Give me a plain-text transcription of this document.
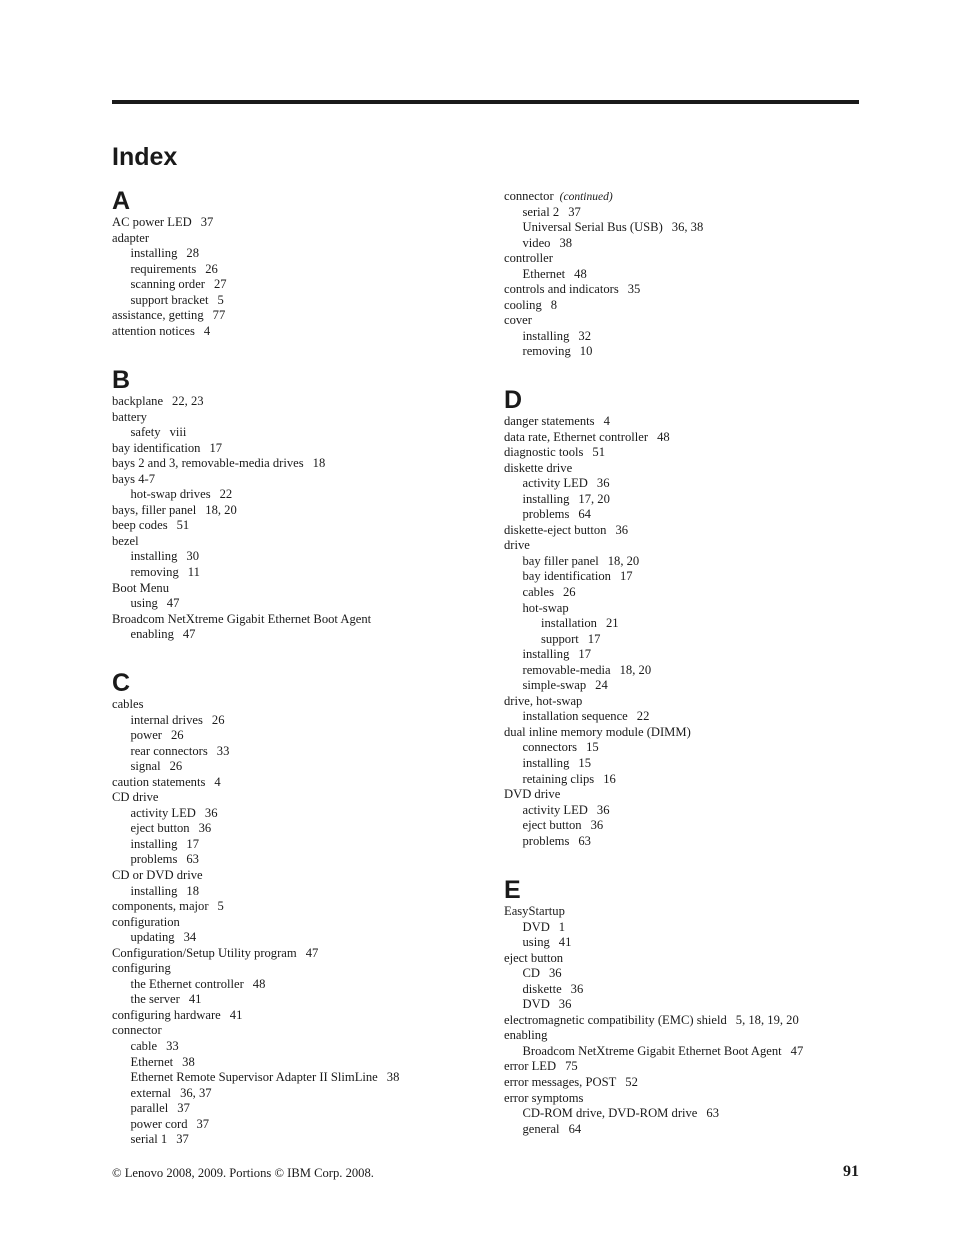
Index
A
AC power LED 37
adapter
installing 28
requirements 26
scanning order 27
support bracket 5
assistance, getting 77
attention notices 4
B
backplane 22, 23
battery
safety viii
bay identification 17
bays 2 and 3, removable-media drives 18
bays 4-7
hot-swap drives 22
bays, filler panel 18, 20
beep codes 51
bezel
installing 30
removing 11
Boot Menu
using 47
Broadcom NetXtreme Gigabit Ethernet Boot Agent
enabling 47
C
cables
internal drives 26
power 26
rear connectors 33
signal 26
caution statements 4
CD drive
activity LED 36
eject button 36
installing 17
problems 63
CD or DVD drive
installing 18
components, major 5
configuration
updating 34
Configuration/Setup Utility program 47
configuring
the Ethernet controller 48
the server 41
configuring hardware 41
connector
cable 33
Ethernet 38
Ethernet Remote Supervisor Adapter II SlimLine 38
external 36, 37
parallel 37
power cord 37
serial 1 37
connector (continued)
serial 2 37
Universal Serial Bus (USB) 36, 38
video 38
controller
Ethernet 48
controls and indicators 35
cooling 8
cover
installing 32
removing 10
D
danger statements 4
data rate, Ethernet controller 48
diagnostic tools 51
diskette drive
activity LED 36
installing 17, 20
problems 64
diskette-eject button 36
drive
bay filler panel 18, 20
bay identification 17
cables 26
hot-swap
installation 21
support 17
installing 17
removable-media 18, 20
simple-swap 24
drive, hot-swap
installation sequence 22
dual inline memory module (DIMM)
connectors 15
installing 15
retaining clips 16
DVD drive
activity LED 36
eject button 36
problems 63
E
EasyStartup
DVD 1
using 41
eject button
CD 36
diskette 36
DVD 36
electromagnetic compatibility (EMC) shield 5, 18, 19, 20
enabling
Broadcom NetXtreme Gigabit Ethernet Boot Agent 47
error LED 75
error messages, POST 52
error symptoms
CD-ROM drive, DVD-ROM drive 63
general 64
© Lenovo 2008, 2009. Portions © IBM Corp. 2008.	91
